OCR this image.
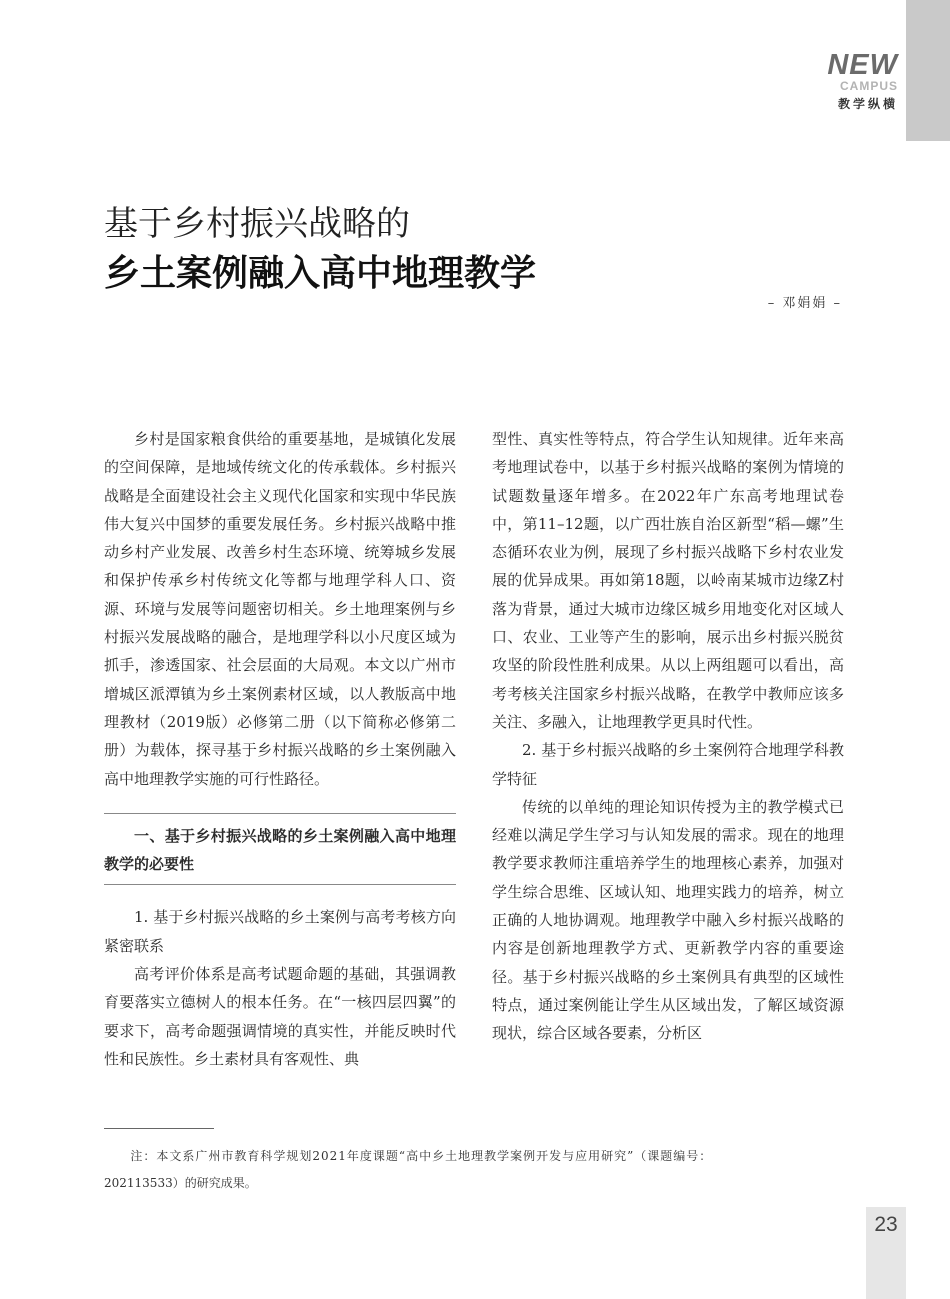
NEW
CAMPUS
教学纵横
基于乡村振兴战略的
乡土案例融入高中地理教学
– 邓娟娟 –

乡村是国家粮食供给的重要基地，是城镇化发展的空间保障，是地域传统文化的传承载体。乡村振兴战略是全面建设社会主义现代化国家和实现中华民族伟大复兴中国梦的重要发展任务。乡村振兴战略中推动乡村产业发展、改善乡村生态环境、统筹城乡发展和保护传承乡村传统文化等都与地理学科人口、资源、环境与发展等问题密切相关。乡土地理案例与乡村振兴发展战略的融合，是地理学科以小尺度区域为抓手，渗透国家、社会层面的大局观。本文以广州市增城区派潭镇为乡土案例素材区域，以人教版高中地理教材（2019版）必修第二册（以下简称必修第二册）为载体，探寻基于乡村振兴战略的乡土案例融入高中地理教学实施的可行性路径。

一、基于乡村振兴战略的乡土案例融入高中地理教学的必要性

1. 基于乡村振兴战略的乡土案例与高考考核方向紧密联系

高考评价体系是高考试题命题的基础，其强调教育要落实立德树人的根本任务。在“一核四层四翼”的要求下，高考命题强调情境的真实性，并能反映时代性和民族性。乡土素材具有客观性、典

型性、真实性等特点，符合学生认知规律。近年来高考地理试卷中，以基于乡村振兴战略的案例为情境的试题数量逐年增多。在2022年广东高考地理试卷中，第11–12题，以广西壮族自治区新型“稻—螺”生态循环农业为例，展现了乡村振兴战略下乡村农业发展的优异成果。再如第18题，以岭南某城市边缘Z村落为背景，通过大城市边缘区城乡用地变化对区域人口、农业、工业等产生的影响，展示出乡村振兴脱贫攻坚的阶段性胜利成果。从以上两组题可以看出，高考考核关注国家乡村振兴战略，在教学中教师应该多关注、多融入，让地理教学更具时代性。

2. 基于乡村振兴战略的乡土案例符合地理学科教学特征

传统的以单纯的理论知识传授为主的教学模式已经难以满足学生学习与认知发展的需求。现在的地理教学要求教师注重培养学生的地理核心素养，加强对学生综合思维、区域认知、地理实践力的培养，树立正确的人地协调观。地理教学中融入乡村振兴战略的内容是创新地理教学方式、更新教学内容的重要途径。基于乡村振兴战略的乡土案例具有典型的区域性特点，通过案例能让学生从区域出发，了解区域资源现状，综合区域各要素，分析区

注：本文系广州市教育科学规划2021年度课题“高中乡土地理教学案例开发与应用研究”（课题编号：
202113533）的研究成果。
23
